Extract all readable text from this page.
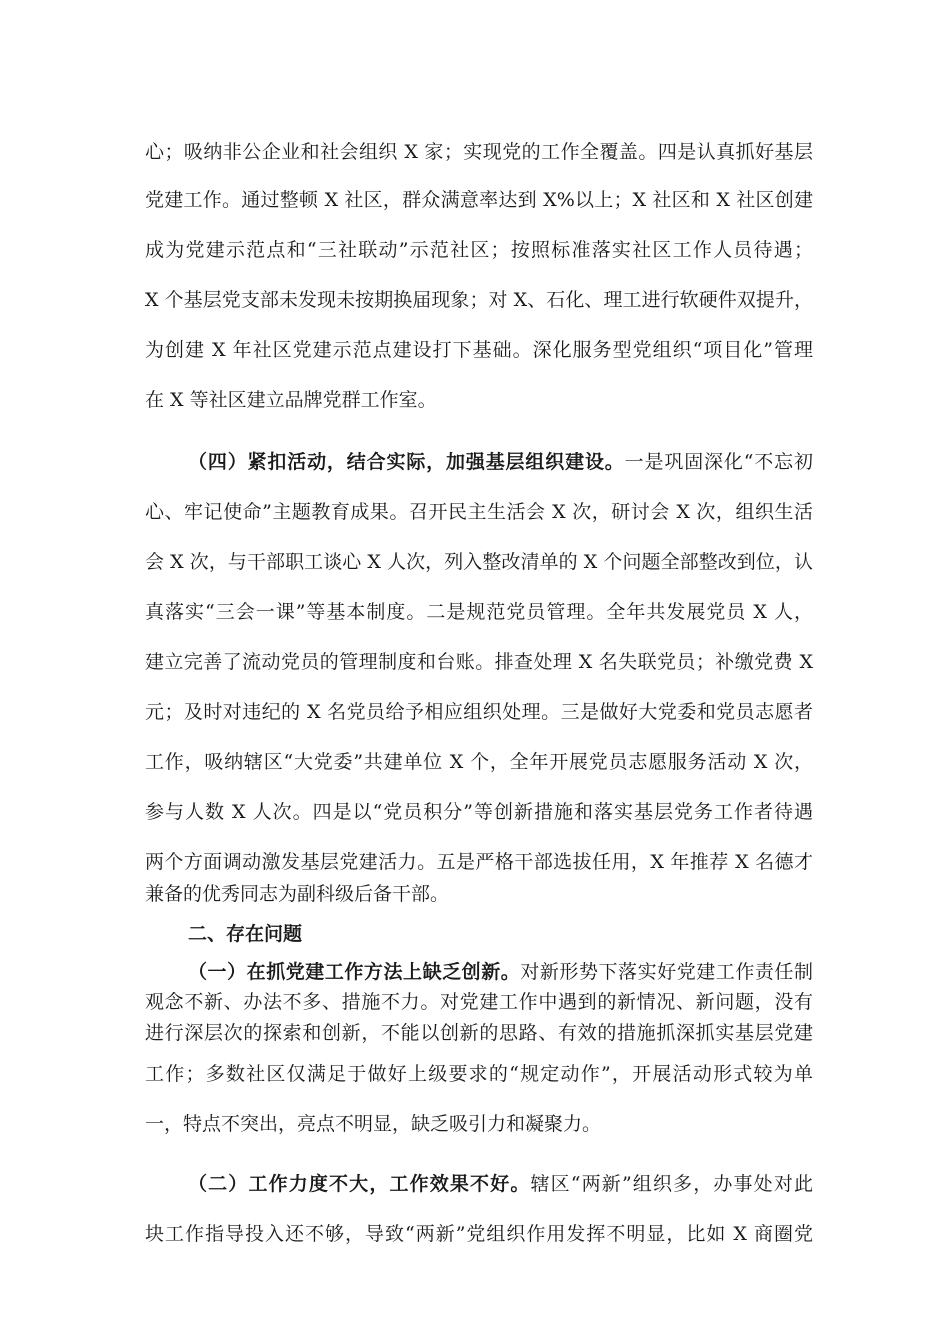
心；吸纳非公企业和社会组织 X 家；实现党的工作全覆盖。四是认真抓好基层
党建工作。通过整顿 X 社区，群众满意率达到 X%以上；X 社区和 X 社区创建
成为党建示范点和“三社联动”示范社区；按照标准落实社区工作人员待遇；
X 个基层党支部未发现未按期换届现象；对 X、石化、理工进行软硬件双提升，
为创建 X 年社区党建示范点建设打下基础。深化服务型党组织“项目化”管理
在 X 等社区建立品牌党群工作室。
（四）紧扣活动，结合实际，加强基层组织建设。一是巩固深化“不忘初
心、牢记使命”主题教育成果。召开民主生活会 X 次，研讨会 X 次，组织生活
会 X 次，与干部职工谈心 X 人次，列入整改清单的 X 个问题全部整改到位，认
真落实“三会一课”等基本制度。二是规范党员管理。全年共发展党员 X 人，
建立完善了流动党员的管理制度和台账。排查处理 X 名失联党员；补缴党费 X
元；及时对违纪的 X 名党员给予相应组织处理。三是做好大党委和党员志愿者
工作，吸纳辖区“大党委”共建单位 X 个，全年开展党员志愿服务活动 X 次，
参与人数 X 人次。四是以“党员积分”等创新措施和落实基层党务工作者待遇
两个方面调动激发基层党建活力。五是严格干部选拔任用，X 年推荐 X 名德才
兼备的优秀同志为副科级后备干部。
二、存在问题
（一）在抓党建工作方法上缺乏创新。对新形势下落实好党建工作责任制
观念不新、办法不多、措施不力。对党建工作中遇到的新情况、新问题，没有
进行深层次的探索和创新，不能以创新的思路、有效的措施抓深抓实基层党建
工作；多数社区仅满足于做好上级要求的“规定动作”，开展活动形式较为单
一，特点不突出，亮点不明显，缺乏吸引力和凝聚力。
（二）工作力度不大，工作效果不好。辖区“两新”组织多，办事处对此
块工作指导投入还不够，导致“两新”党组织作用发挥不明显，比如 X 商圈党
